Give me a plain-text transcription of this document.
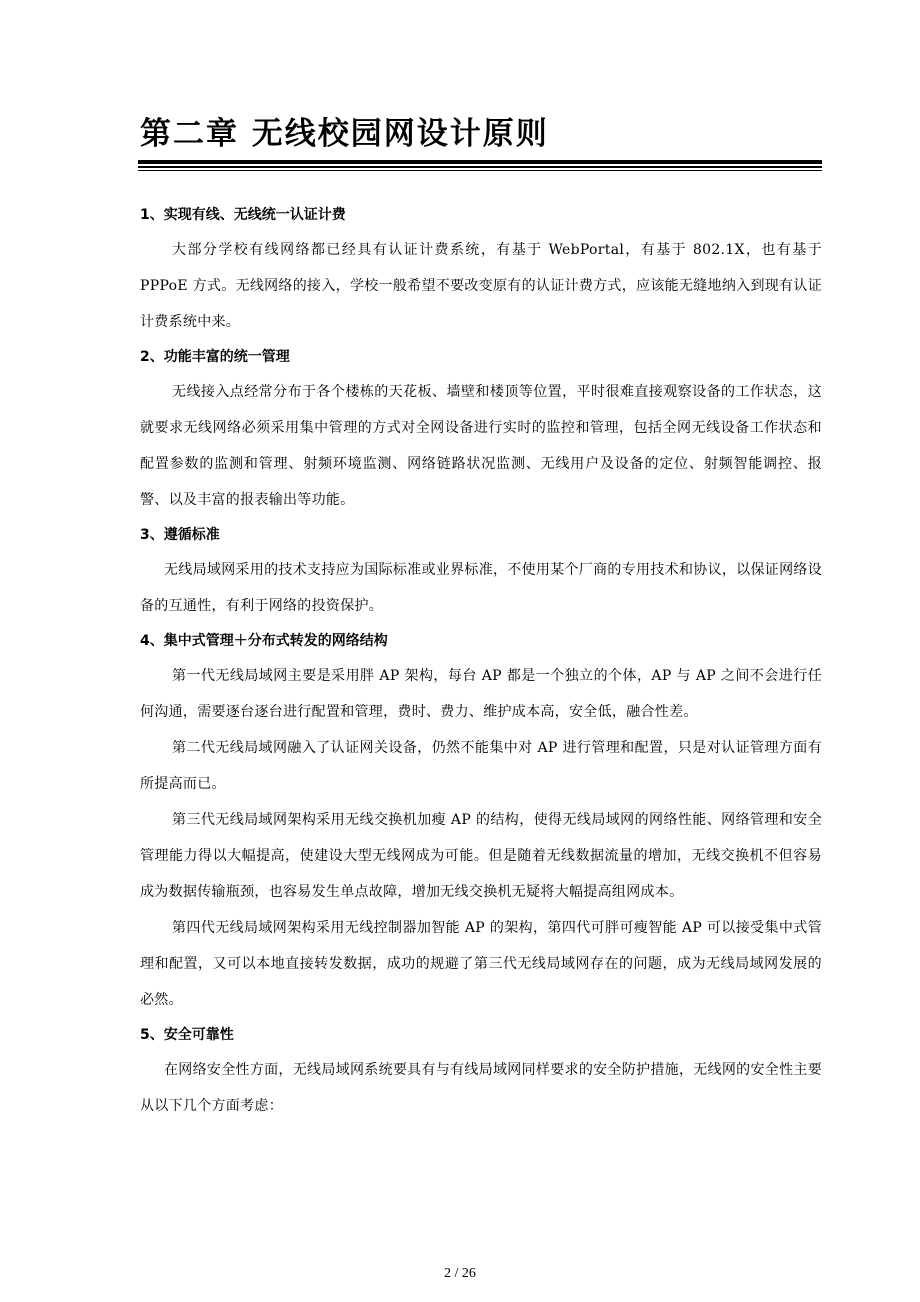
第二章 无线校园网设计原则
1、实现有线、无线统一认证计费

大部分学校有线网络都已经具有认证计费系统，有基于 WebPortal，有基于 802.1X，也有基于 PPPoE 方式。无线网络的接入，学校一般希望不要改变原有的认证计费方式，应该能无缝地纳入到现有认证计费系统中来。

2、功能丰富的统一管理

无线接入点经常分布于各个楼栋的天花板、墙壁和楼顶等位置，平时很难直接观察设备的工作状态，这就要求无线网络必须采用集中管理的方式对全网设备进行实时的监控和管理，包括全网无线设备工作状态和配置参数的监测和管理、射频环境监测、网络链路状况监测、无线用户及设备的定位、射频智能调控、报警、以及丰富的报表输出等功能。

3、遵循标准

无线局域网采用的技术支持应为国际标准或业界标准，不使用某个厂商的专用技术和协议，以保证网络设备的互通性，有利于网络的投资保护。

4、集中式管理＋分布式转发的网络结构

第一代无线局域网主要是采用胖 AP 架构，每台 AP 都是一个独立的个体，AP 与 AP 之间不会进行任何沟通，需要逐台逐台进行配置和管理，费时、费力、维护成本高，安全低，融合性差。

第二代无线局域网融入了认证网关设备，仍然不能集中对 AP 进行管理和配置，只是对认证管理方面有所提高而已。

第三代无线局域网架构采用无线交换机加瘦 AP 的结构，使得无线局域网的网络性能、网络管理和安全管理能力得以大幅提高，使建设大型无线网成为可能。但是随着无线数据流量的增加，无线交换机不但容易成为数据传输瓶颈，也容易发生单点故障，增加无线交换机无疑将大幅提高组网成本。

第四代无线局域网架构采用无线控制器加智能 AP 的架构，第四代可胖可瘦智能 AP 可以接受集中式管理和配置，又可以本地直接转发数据，成功的规避了第三代无线局域网存在的问题，成为无线局域网发展的必然。

5、安全可靠性

在网络安全性方面，无线局域网系统要具有与有线局域网同样要求的安全防护措施，无线网的安全性主要从以下几个方面考虑：

2 / 26
